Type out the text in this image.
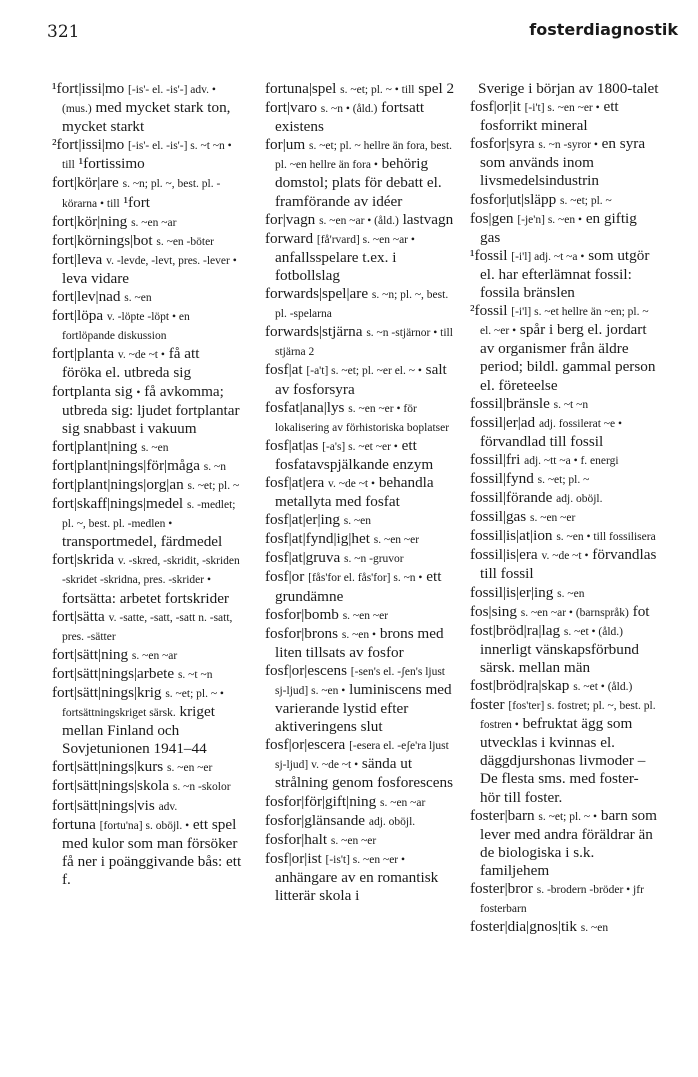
321	fosterdiagnostik

¹fort|issi|mo [-is'- el. -is'-] adv. • (mus.) med mycket stark ton, mycket starkt

²fort|issi|mo [-is'- el. -is'-] s. ~t ~n • till ¹fortissimo

fort|kör|are s. ~n; pl. ~, best. pl. -körarna • till ¹fort

fort|kör|ning s. ~en ~ar

fort|körnings|bot s. ~en -böter

fort|leva v. -levde, -levt, pres. -lever • leva vidare

fort|lev|nad s. ~en

fort|löpa v. -löpte -löpt • en fortlöpande diskussion

fort|planta v. ~de ~t • få att föröka el. utbreda sig

fortplanta sig • få avkomma; utbreda sig: ljudet fortplantar sig snabbast i vakuum

fort|plant|ning s. ~en

fort|plant|nings|för|måga s. ~n

fort|plant|nings|org|an s. ~et; pl. ~

fort|skaff|nings|medel s. -medlet; pl. ~, best. pl. -medlen • transportmedel, färdmedel

fort|skrida v. -skred, -skridit, -skriden -skridet -skridna, pres. -skrider • fortsätta: arbetet fortskrider

fort|sätta v. -satte, -satt, -satt n. -satt, pres. -sätter

fort|sätt|ning s. ~en ~ar

fort|sätt|nings|arbete s. ~t ~n

fort|sätt|nings|krig s. ~et; pl. ~ • fortsättningskriget särsk. kriget mellan Finland och Sovjetunionen 1941–44

fort|sätt|nings|kurs s. ~en ~er

fort|sätt|nings|skola s. ~n -skolor

fort|sätt|nings|vis adv.

fortuna [fortu'na] s. oböjl. • ett spel med kulor som man försöker få ner i poänggivande bås: ett f.

fortuna|spel s. ~et; pl. ~ • till spel 2

fort|varo s. ~n • (åld.) fortsatt existens

for|um s. ~et; pl. ~ hellre än fora, best. pl. ~en hellre än fora • behörig domstol; plats för debatt el. framförande av idéer

for|vagn s. ~en ~ar • (åld.) lastvagn

forward [få'rvard] s. ~en ~ar • anfallsspelare t.ex. i fotbollslag

forwards|spel|are s. ~n; pl. ~, best. pl. -spelarna

forwards|stjärna s. ~n -stjärnor • till stjärna 2

fosf|at [-a't] s. ~et; pl. ~er el. ~ • salt av fosforsyra

fosfat|ana|lys s. ~en ~er • för lokalisering av förhistoriska boplatser

fosf|at|as [-a's] s. ~et ~er • ett fosfatavspjälkande enzym

fosf|at|era v. ~de ~t • behandla metallyta med fosfat

fosf|at|er|ing s. ~en

fosf|at|fynd|ig|het s. ~en ~er

fosf|at|gruva s. ~n -gruvor

fosf|or [fås'for el. fås'for] s. ~n • ett grundämne

fosfor|bomb s. ~en ~er

fosfor|brons s. ~en • brons med liten tillsats av fosfor

fosf|or|escens [-sen's el. -ʃen's ljust sj-ljud] s. ~en • luminiscens med varierande lystid efter aktiveringens slut

fosf|or|escera [-esera el. -eʃe'ra ljust sj-ljud] v. ~de ~t • sända ut strålning genom fosforescens

fosfor|för|gift|ning s. ~en ~ar

fosfor|glänsande adj. oböjl.

fosfor|halt s. ~en ~er

fosf|or|ist [-is't] s. ~en ~er • anhängare av en romantisk litterär skola i

Sverige i början av 1800-talet

fosf|or|it [-i't] s. ~en ~er • ett fosforrikt mineral

fosfor|syra s. ~n -syror • en syra som används inom livsmedelsindustrin

fosfor|ut|släpp s. ~et; pl. ~

fos|gen [-je'n] s. ~en • en giftig gas

¹fossil [-i'l] adj. ~t ~a • som utgör el. har efterlämnat fossil: fossila bränslen

²fossil [-i'l] s. ~et hellre än ~en; pl. ~ el. ~er • spår i berg el. jordart av organismer från äldre period; bildl. gammal person el. företeelse

fossil|bränsle s. ~t ~n

fossil|er|ad adj. fossilerat ~e • förvandlad till fossil

fossil|fri adj. ~tt ~a • f. energi

fossil|fynd s. ~et; pl. ~

fossil|förande adj. oböjl.

fossil|gas s. ~en ~er

fossil|is|at|ion s. ~en • till fossilisera

fossil|is|era v. ~de ~t • förvandlas till fossil

fossil|is|er|ing s. ~en

fos|sing s. ~en ~ar • (barnspråk) fot

fost|bröd|ra|lag s. ~et • (åld.) innerligt vänskapsförbund särsk. mellan män

fost|bröd|ra|skap s. ~et • (åld.)

foster [fos'ter] s. fostret; pl. ~, best. pl. fostren • befruktat ägg som utvecklas i kvinnas el. däggdjurshonas livmoder – De flesta sms. med foster- hör till foster.

foster|barn s. ~et; pl. ~ • barn som lever med andra föräldrar än de biologiska i s.k. familjehem

foster|bror s. -brodern -bröder • jfr fosterbarn

foster|dia|gnos|tik s. ~en
